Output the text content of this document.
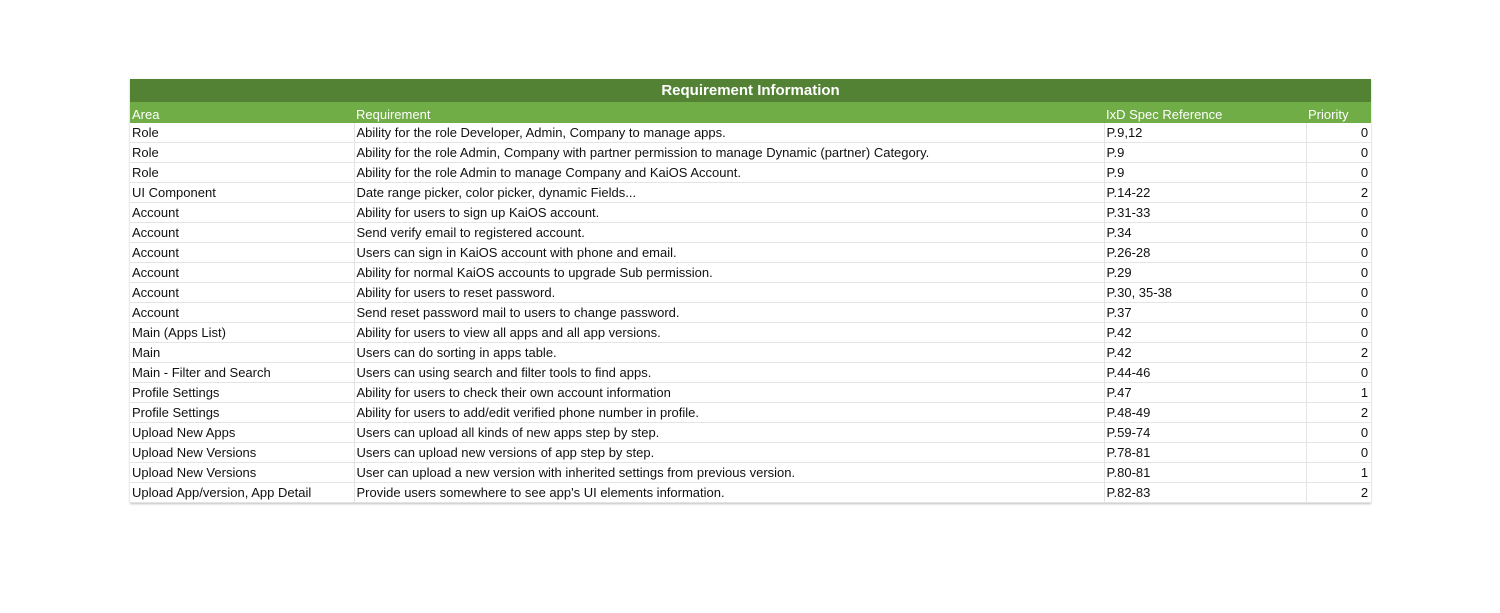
Requirement Information			
Area	Requirement	IxD Spec Reference	Priority
Role	Ability for the role Developer, Admin, Company to manage apps.	P.9,12	0
Role	Ability for the role Admin, Company with partner permission to manage Dynamic (partner) Category.	P.9	0
Role	Ability for the role Admin to manage Company and KaiOS Account.	P.9	0
UI Component	Date range picker, color picker, dynamic Fields...	P.14-22	2
Account	Ability for users to sign up KaiOS account.	P.31-33	0
Account	Send verify email to registered account.	P.34	0
Account	Users can sign in KaiOS account with phone and email.	P.26-28	0
Account	Ability for normal KaiOS accounts to upgrade Sub permission.	P.29	0
Account	Ability for users to reset password.	P.30, 35-38	0
Account	Send reset password mail to users to change password.	P.37	0
Main (Apps List)	Ability for users to view all apps and all app versions.	P.42	0
Main	Users can do sorting in apps table.	P.42	2
Main - Filter and Search	Users can using search and filter tools to find apps.	P.44-46	0
Profile Settings	Ability for users to check their own account information	P.47	1
Profile Settings	Ability for users to add/edit verified phone number in profile.	P.48-49	2
Upload New Apps	Users can upload all kinds of new apps step by step.	P.59-74	0
Upload New Versions	Users can upload new versions of app step by step.	P.78-81	0
Upload New Versions	User can upload a new version with inherited settings from previous version.	P.80-81	1
Upload App/version, App Detail	Provide users somewhere to see app's UI elements information.	P.82-83	2
